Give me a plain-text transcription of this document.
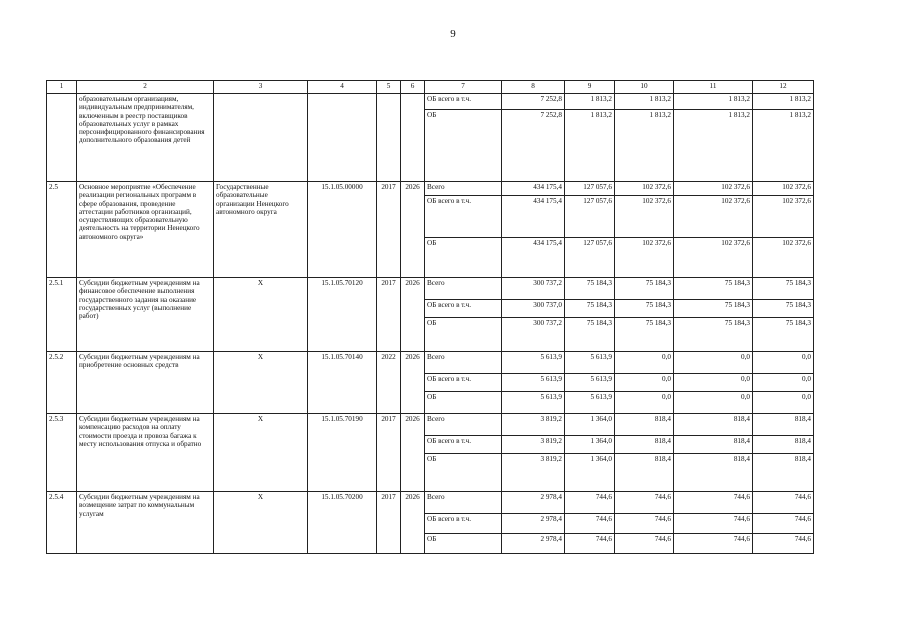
9
1	2	3	4	5	6	7	8	9	10	11	12
	образовательным организациям, индивидуальным предпринимателям, включенным в реестр поставщиков образовательных услуг в рамках персонифицированного финансирования дополнительного образования детей					ОБ всего в т.ч.	7 252,8	1 813,2	1 813,2	1 813,2	1 813,2
						ОБ	7 252,8	1 813,2	1 813,2	1 813,2	1 813,2
2.5	Основное мероприятие «Обеспечение реализации региональных программ в сфере образования, проведение аттестации работников организаций, осуществляющих образовательную деятельность на территории Ненецкого автономного округа»	Государственные образовательные организации Ненецкого автономного округа	15.1.05.00000	2017	2026	Всего	434 175,4	127 057,6	102 372,6	102 372,6	102 372,6
						ОБ всего в т.ч.	434 175,4	127 057,6	102 372,6	102 372,6	102 372,6
						ОБ	434 175,4	127 057,6	102 372,6	102 372,6	102 372,6
2.5.1	Субсидии бюджетным учреждениям на финансовое обеспечение выполнения государственного задания на оказание государственных услуг (выполнение работ)	X	15.1.05.70120	2017	2026	Всего	300 737,2	75 184,3	75 184,3	75 184,3	75 184,3
						ОБ всего в т.ч.	300 737,0	75 184,3	75 184,3	75 184,3	75 184,3
						ОБ	300 737,2	75 184,3	75 184,3	75 184,3	75 184,3
2.5.2	Субсидии бюджетным учреждениям на приобретение основных средств	X	15.1.05.70140	2022	2026	Всего	5 613,9	5 613,9	0,0	0,0	0,0
						ОБ всего в т.ч.	5 613,9	5 613,9	0,0	0,0	0,0
						ОБ	5 613,9	5 613,9	0,0	0,0	0,0
2.5.3	Субсидии бюджетным учреждениям на компенсацию расходов на оплату стоимости проезда и провоза багажа к месту использования отпуска и обратно	X	15.1.05.70190	2017	2026	Всего	3 819,2	1 364,0	818,4	818,4	818,4
						ОБ всего в т.ч.	3 819,2	1 364,0	818,4	818,4	818,4
						ОБ	3 819,2	1 364,0	818,4	818,4	818,4
2.5.4	Субсидии бюджетным учреждениям на возмещение затрат по коммунальным услугам	X	15.1.05.70200	2017	2026	Всего	2 978,4	744,6	744,6	744,6	744,6
						ОБ всего в т.ч.	2 978,4	744,6	744,6	744,6	744,6
						ОБ	2 978,4	744,6	744,6	744,6	744,6
